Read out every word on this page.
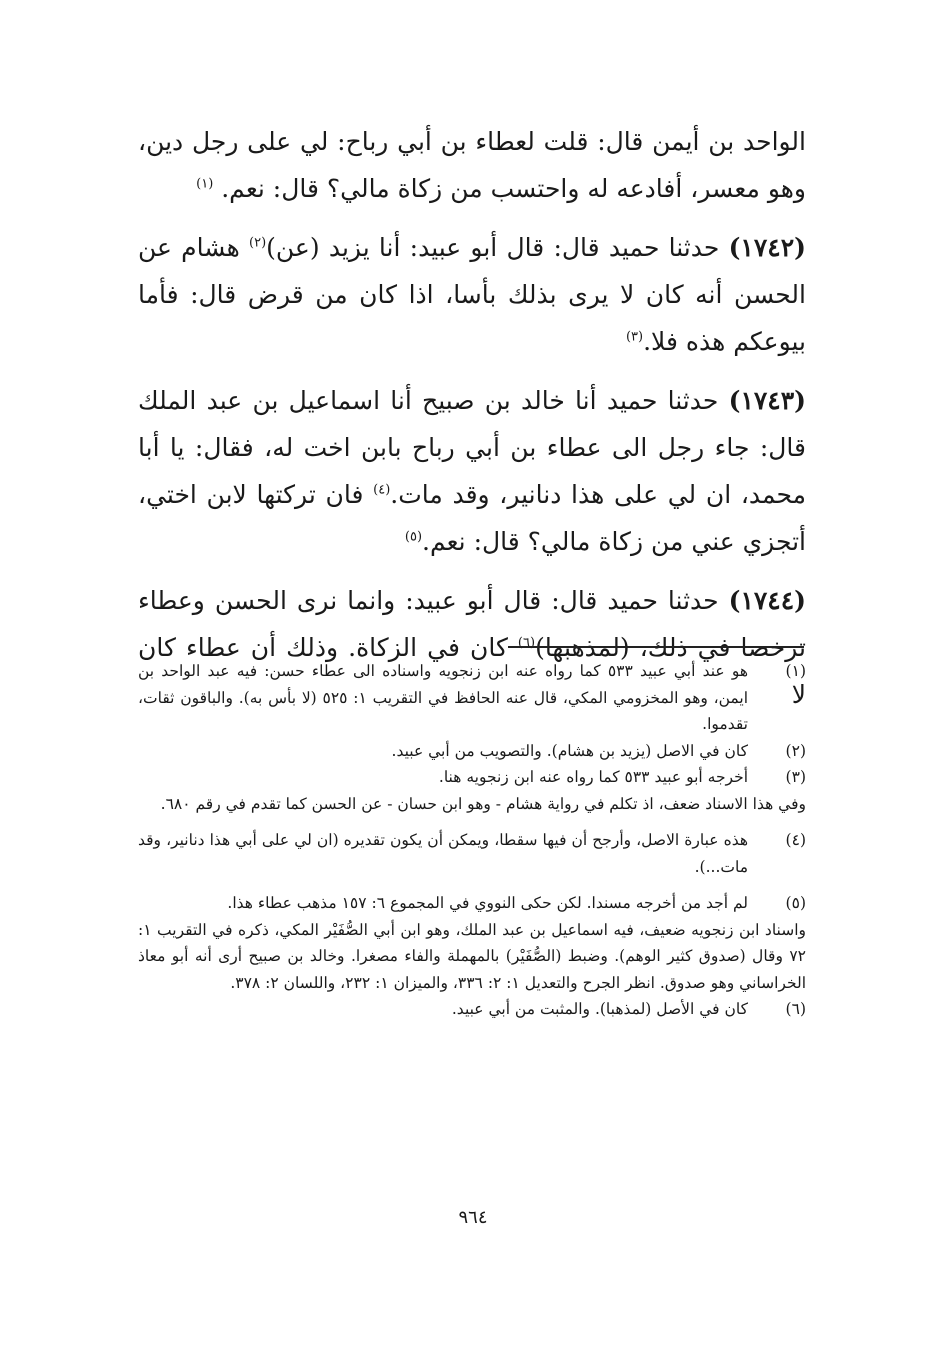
الواحد بن أيمن قال: قلت لعطاء بن أبي رباح: لي على رجل دين، وهو معسر، أفادعه له واحتسب من زكاة مالي؟ قال: نعم. $^{(١)}$

(١٧٤٢) حدثنا حميد قال: قال أبو عبيد: أنا يزيد (عن)$^{(٢)}$ هشام عن الحسن أنه كان لا يرى بذلك بأسا، اذا كان من قرض قال: فأما بيوعكم هذه فلا.$^{(٣)}$

(١٧٤٣) حدثنا حميد أنا خالد بن صبيح أنا اسماعيل بن عبد الملك قال: جاء رجل الى عطاء بن أبي رباح بابن اخت له، فقال: يا أبا محمد، ان لي على هذا دنانير، وقد مات.$^{(٤)}$ فان تركتها لابن اختي، أتجزي عني من زكاة مالي؟ قال: نعم.$^{(٥)}$

(١٧٤٤) حدثنا حميد قال: قال أبو عبيد: وانما نرى الحسن وعطاء ترخصا في ذلك، (لمذهبها)$^{(٦)}$ كان في الزكاة. وذلك أن عطاء كان لا

(١)
هو عند أبي عبيد ٥٣٣ كما رواه عنه ابن زنجويه واسناده الى عطاء حسن: فيه عبد الواحد بن ايمن، وهو المخزومي المكي، قال عنه الحافظ في التقريب ١: ٥٢٥ (لا بأس به). والباقون ثقات، تقدموا.
(٢)
كان في الاصل (يزيد بن هشام). والتصويب من أبي عبيد.
(٣)
أخرجه أبو عبيد ٥٣٣ كما رواه عنه ابن زنجويه هنا.
وفي هذا الاسناد ضعف، اذ تكلم في رواية هشام - وهو ابن حسان - عن الحسن كما تقدم في رقم ٦٨٠.
(٤)
هذه عبارة الاصل، وأرجح أن فيها سقطا، ويمكن أن يكون تقديره (ان لي على أبي هذا دنانير، وقد مات...).
(٥)
لم أجد من أخرجه مسندا. لكن حكى النووي في المجموع ٦: ١٥٧ مذهب عطاء هذا.
واسناد ابن زنجويه ضعيف، فيه اسماعيل بن عبد الملك، وهو ابن أبي الصُّفَيْر المكي، ذكره في التقريب ١: ٧٢ وقال (صدوق كثير الوهم). وضبط (الصُّفَيْر) بالمهملة والفاء مصغرا. وخالد بن صبيح أرى أنه أبو معاذ الخراساني وهو صدوق. انظر الجرح والتعديل ١: ٢: ٣٣٦، والميزان ١: ٢٣٢، واللسان ٢: ٣٧٨.
(٦)
كان في الأصل (لمذهبا). والمثبت من أبي عبيد.
٩٦٤
